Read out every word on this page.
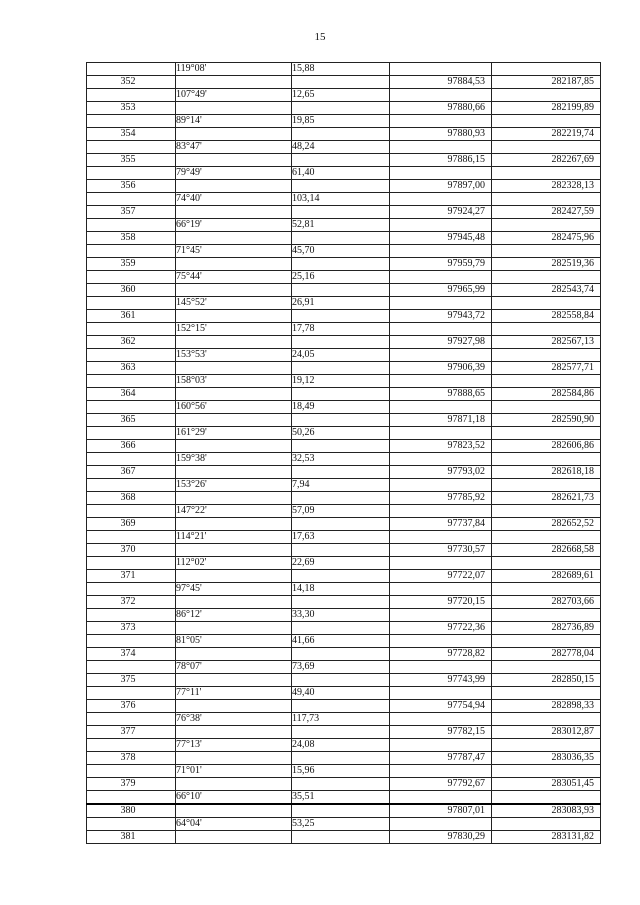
15
	119°08'	15,88		
352			97884,53	282187,85
	107°49'	12,65		
353			97880,66	282199,89
	89°14'	19,85		
354			97880,93	282219,74
	83°47'	48,24		
355			97886,15	282267,69
	79°49'	61,40		
356			97897,00	282328,13
	74°40'	103,14		
357			97924,27	282427,59
	66°19'	52,81		
358			97945,48	282475,96
	71°45'	45,70		
359			97959,79	282519,36
	75°44'	25,16		
360			97965,99	282543,74
	145°52'	26,91		
361			97943,72	282558,84
	152°15'	17,78		
362			97927,98	282567,13
	153°53'	24,05		
363			97906,39	282577,71
	158°03'	19,12		
364			97888,65	282584,86
	160°56'	18,49		
365			97871,18	282590,90
	161°29'	50,26		
366			97823,52	282606,86
	159°38'	32,53		
367			97793,02	282618,18
	153°26'	7,94		
368			97785,92	282621,73
	147°22'	57,09		
369			97737,84	282652,52
	114°21'	17,63		
370			97730,57	282668,58
	112°02'	22,69		
371			97722,07	282689,61
	97°45'	14,18		
372			97720,15	282703,66
	86°12'	33,30		
373			97722,36	282736,89
	81°05'	41,66		
374			97728,82	282778,04
	78°07'	73,69		
375			97743,99	282850,15
	77°11'	49,40		
376			97754,94	282898,33
	76°38'	117,73		
377			97782,15	283012,87
	77°13'	24,08		
378			97787,47	283036,35
	71°01'	15,96		
379			97792,67	283051,45
	66°10'	35,51		
380			97807,01	283083,93
	64°04'	53,25		
381			97830,29	283131,82
